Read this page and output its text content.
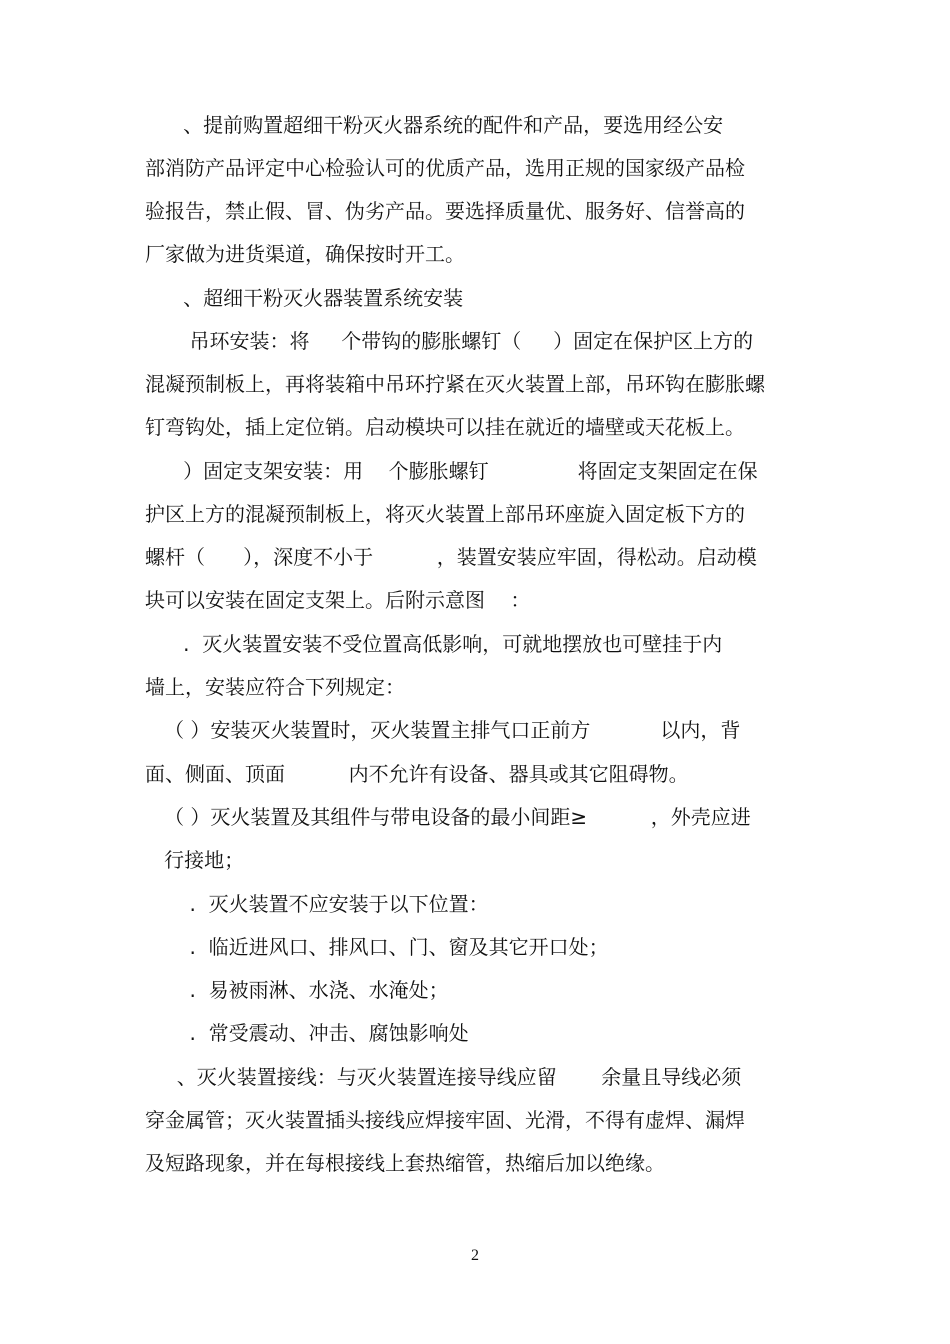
、提前购置超细干粉灭火器系统的配件和产品，要选用经公安

部消防产品评定中心检验认可的优质产品，选用正规的国家级产品检

验报告，禁止假、冒、伪劣产品。要选择质量优、服务好、信誉高的

厂家做为进货渠道，确保按时开工。

、超细干粉灭火器装置系统安装

吊环安装：将     个带钩的膨胀螺钉（     ）固定在保护区上方的

混凝预制板上，再将装箱中吊环拧紧在灭火装置上部，吊环钩在膨胀螺

钉弯钩处，插上定位销。启动模块可以挂在就近的墙壁或天花板上。

）固定支架安装：用    个膨胀螺钉              将固定支架固定在保

护区上方的混凝预制板上，将灭火装置上部吊环座旋入固定板下方的

螺杆（      ），深度不小于          ，装置安装应牢固，得松动。启动模

块可以安装在固定支架上。后附示意图    ：

.  灭火装置安装不受位置高低影响，可就地摆放也可壁挂于内

墙上，安装应符合下列规定：

（ ）安装灭火装置时，灭火装置主排气口正前方           以内，背

面、侧面、顶面          内不允许有设备、器具或其它阻碍物。

（ ）灭火装置及其组件与带电设备的最小间距≥          ，外壳应进

行接地；

.  灭火装置不应安装于以下位置：

.  临近进风口、排风口、门、窗及其它开口处；

.  易被雨淋、水浇、水淹处；

.  常受震动、冲击、腐蚀影响处

、灭火装置接线：与灭火装置连接导线应留       余量且导线必须

穿金属管；灭火装置插头接线应焊接牢固、光滑，不得有虚焊、漏焊

及短路现象，并在每根接线上套热缩管，热缩后加以绝缘。

2
